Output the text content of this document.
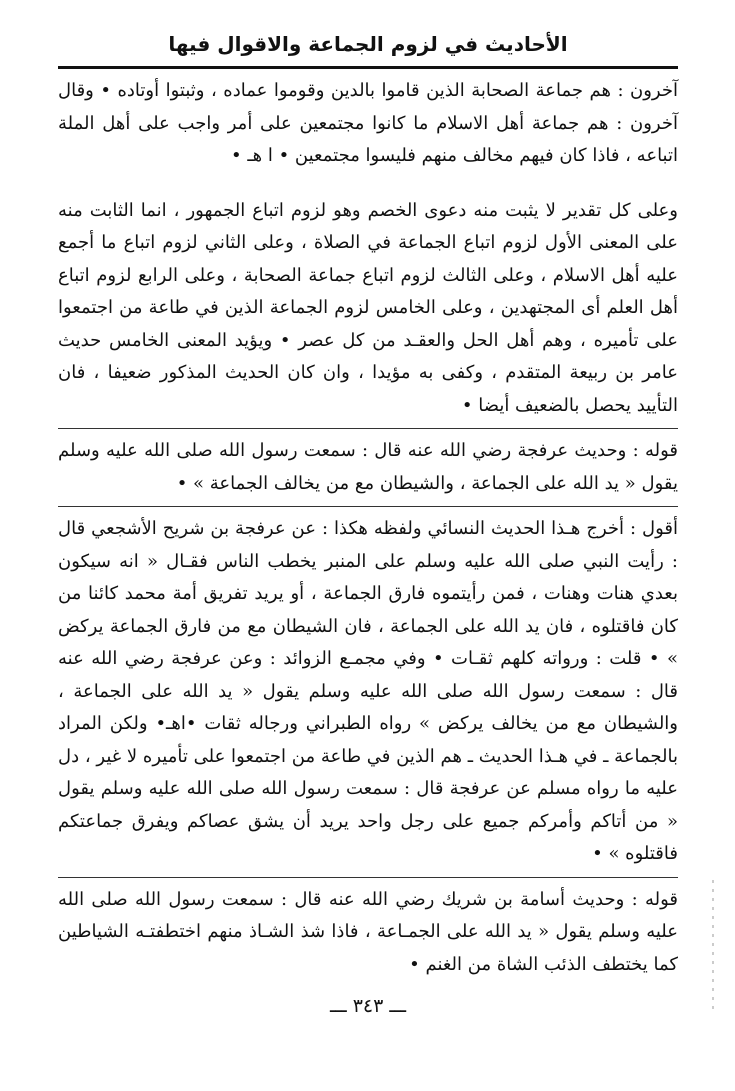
الأحاديث في لزوم الجماعة والاقوال فيها

آخرون : هم جماعة الصحابة الذين قاموا بالدين وقوموا عماده ، وثبتوا أوتاده • وقال آخرون : هم جماعة أهل الاسلام ما كانوا مجتمعين على أمر واجب على أهل الملة اتباعه ، فاذا كان فيهم مخالف منهم فليسوا مجتمعين • ا هـ •

وعلى كل تقدير لا يثبت منه دعوى الخصم وهو لزوم اتباع الجمهور ، انما الثابت منه على المعنى الأول لزوم اتباع الجماعة في الصلاة ، وعلى الثاني لزوم اتباع ما أجمع عليه أهل الاسلام ، وعلى الثالث لزوم اتباع جماعة الصحابة ، وعلى الرابع لزوم اتباع أهل العلم أى المجتهدين ، وعلى الخامس لزوم الجماعة الذين في طاعة من اجتمعوا على تأميره ، وهم أهل الحل والعقـد من كل عصر • ويؤيد المعنى الخامس حديث عامر بن ربيعة المتقدم ، وكفى به مؤيدا ، وان كان الحديث المذكور ضعيفا ، فان التأييد يحصل بالضعيف أيضا •

قوله : وحديث عرفجة رضي الله عنه قال : سمعت رسول الله صلى الله عليه وسلم يقول « يد الله على الجماعة ، والشيطان مع من يخالف الجماعة » •

أقول : أخرج هـذا الحديث النسائي ولفظه هكذا : عن عرفجة بن شريح الأشجعي قال : رأيت النبي صلى الله عليه وسلم على المنبر يخطب الناس فقـال « انه سيكون بعدي هنات وهنات ، فمن رأيتموه فارق الجماعة ، أو يريد تفريق أمة محمد كائنا من كان فاقتلوه ، فان يد الله على الجماعة ، فان الشيطان مع من فارق الجماعة يركض » • قلت : ورواته كلهم ثقـات • وفي مجمـع الزوائد : وعن عرفجة رضي الله عنه قال : سمعت رسول الله صلى الله عليه وسلم يقول « يد الله على الجماعة ، والشيطان مع من يخالف يركض » رواه الطبراني ورجاله ثقات •اهـ• ولكن المراد بالجماعة ـ في هـذا الحديث ـ هم الذين في طاعة من اجتمعوا على تأميره لا غير ، دل عليه ما رواه مسلم عن عرفجة قال : سمعت رسول الله صلى الله عليه وسلم يقول « من أتاكم وأمركم جميع على رجل واحد يريد أن يشق عصاكم ويفرق جماعتكم فاقتلوه » •

قوله : وحديث أسامة بن شريك رضي الله عنه قال : سمعت رسول الله صلى الله عليه وسلم يقول « يد الله على الجمـاعة ، فاذا شذ الشـاذ منهم اختطفتـه الشياطين كما يختطف الذئب الشاة من الغنم •

ـــ ٣٤٣ ـــ
